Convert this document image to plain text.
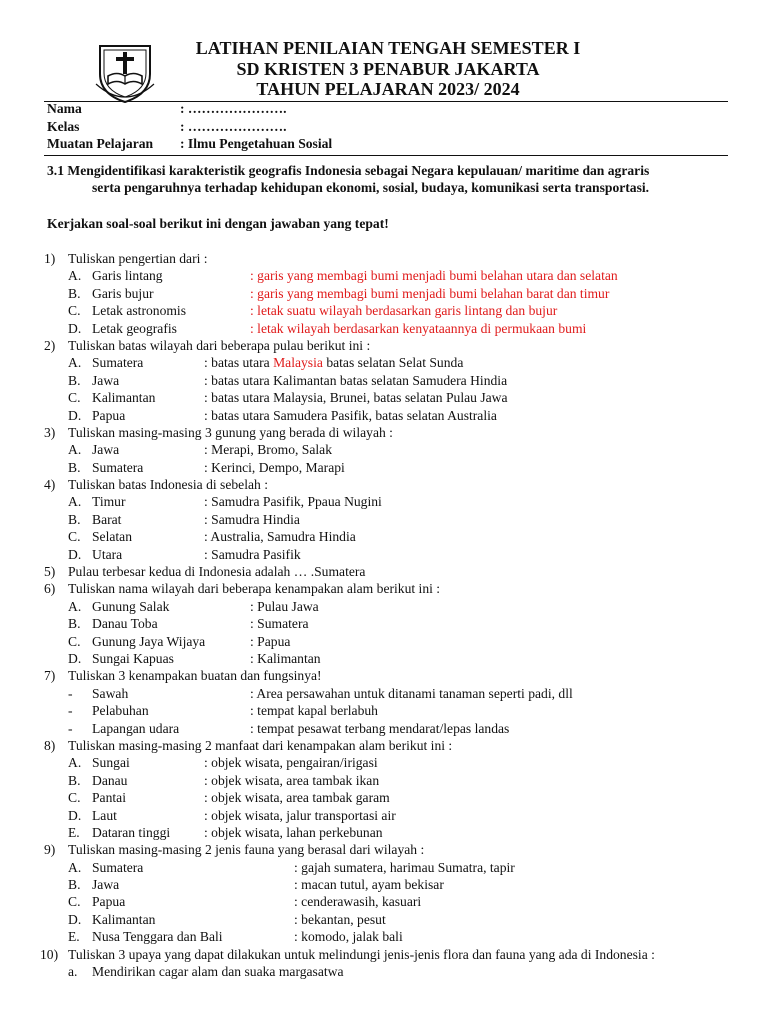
LATIHAN PENILAIAN TENGAH SEMESTER I
SD KRISTEN 3 PENABUR JAKARTA
TAHUN PELAJARAN 2023/ 2024
Nama	: ………………….
Kelas	: ………………….
Muatan Pelajaran	: Ilmu Pengetahuan Sosial
3.1 Mengidentifikasi karakteristik geografis Indonesia sebagai Negara kepulauan/ maritime dan agraris
serta pengaruhnya terhadap kehidupan ekonomi, sosial, budaya, komunikasi serta transportasi.
Kerjakan soal-soal berikut ini dengan jawaban yang tepat!
1) Tuliskan pengertian dari :
A. Garis lintang	: garis yang membagi bumi menjadi bumi belahan utara dan selatan
B. Garis bujur	: garis yang membagi bumi menjadi bumi belahan barat dan timur
C. Letak astronomis	: letak suatu wilayah berdasarkan garis lintang dan bujur
D. Letak geografis	: letak wilayah berdasarkan kenyataannya di permukaan bumi
2) Tuliskan batas wilayah dari beberapa pulau berikut ini :
A. Sumatera	: batas utara Malaysia batas selatan Selat Sunda
B. Jawa	: batas utara Kalimantan batas selatan Samudera Hindia
C. Kalimantan	: batas utara Malaysia, Brunei, batas selatan Pulau Jawa
D. Papua	: batas utara Samudera Pasifik, batas selatan Australia
3) Tuliskan masing-masing 3 gunung yang berada di wilayah :
A. Jawa	: Merapi, Bromo, Salak
B. Sumatera	: Kerinci, Dempo, Marapi
4) Tuliskan batas Indonesia di sebelah :
A. Timur	: Samudra Pasifik, Ppaua Nugini
B. Barat	: Samudra Hindia
C. Selatan	: Australia, Samudra Hindia
D. Utara	: Samudra Pasifik
5) Pulau terbesar kedua di Indonesia adalah … .Sumatera
6) Tuliskan nama wilayah dari beberapa kenampakan alam berikut ini :
A. Gunung Salak	: Pulau Jawa
B. Danau Toba	: Sumatera
C. Gunung Jaya Wijaya	: Papua
D. Sungai Kapuas	: Kalimantan
7) Tuliskan 3 kenampakan buatan dan fungsinya!
-	Sawah	: Area persawahan untuk ditanami tanaman seperti padi, dll
-	Pelabuhan	: tempat kapal berlabuh
-	Lapangan udara	: tempat pesawat terbang mendarat/lepas landas
8) Tuliskan masing-masing 2 manfaat dari kenampakan alam berikut ini :
A. Sungai	: objek wisata, pengairan/irigasi
B. Danau	: objek wisata, area tambak ikan
C. Pantai	: objek wisata, area tambak garam
D. Laut	: objek wisata, jalur transportasi air
E. Dataran tinggi	: objek wisata, lahan perkebunan
9) Tuliskan masing-masing 2 jenis fauna yang berasal dari wilayah :
A. Sumatera	: gajah sumatera, harimau Sumatra, tapir
B. Jawa	: macan tutul, ayam bekisar
C. Papua	: cenderawasih, kasuari
D. Kalimantan	: bekantan, pesut
E. Nusa Tenggara dan Bali	: komodo, jalak bali
10) Tuliskan 3 upaya yang dapat dilakukan untuk melindungi jenis-jenis flora dan fauna yang ada di Indonesia :
a.	Mendirikan cagar alam dan suaka margasatwa
